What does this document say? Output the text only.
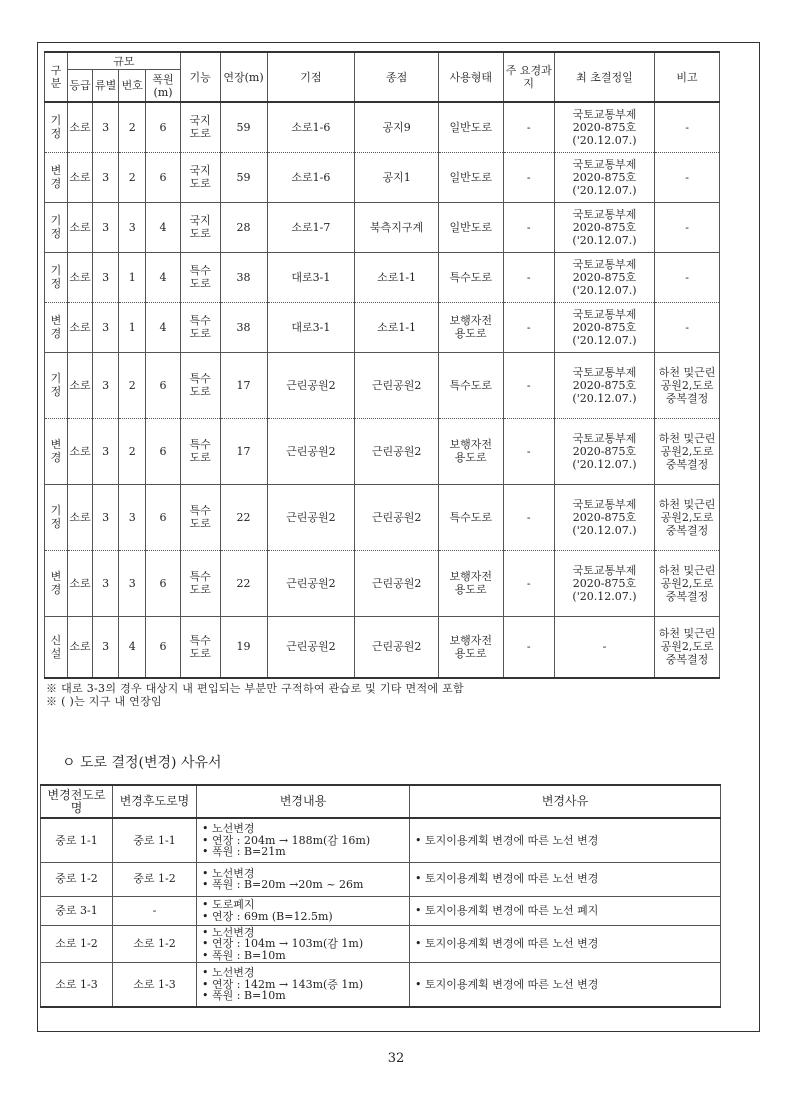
구분	규모				기능	연장(m)	기점	종점	사용형태	주 요경과지	최 초결정일	비고
	등급	류별	번호	폭원(m)								
기정	소로	3	2	6	국지도로	59	소로1-6	공지9	일반도로	-	국토교통부제2020-875호('20.12.07.)	-
변경	소로	3	2	6	국지도로	59	소로1-6	공지1	일반도로	-	국토교통부제2020-875호('20.12.07.)	-
기정	소로	3	3	4	국지도로	28	소로1-7	북측지구계	일반도로	-	국토교통부제2020-875호('20.12.07.)	-
기정	소로	3	1	4	특수도로	38	대로3-1	소로1-1	특수도로	-	국토교통부제2020-875호('20.12.07.)	-
변경	소로	3	1	4	특수도로	38	대로3-1	소로1-1	보행자전용도로	-	국토교통부제2020-875호('20.12.07.)	-
기정	소로	3	2	6	특수도로	17	근린공원2	근린공원2	특수도로	-	국토교통부제2020-875호('20.12.07.)	하천 및근린공원2,도로중복결정
변경	소로	3	2	6	특수도로	17	근린공원2	근린공원2	보행자전용도로	-	국토교통부제2020-875호('20.12.07.)	하천 및근린공원2,도로중복결정
기정	소로	3	3	6	특수도로	22	근린공원2	근린공원2	특수도로	-	국토교통부제2020-875호('20.12.07.)	하천 및근린공원2,도로중복결정
변경	소로	3	3	6	특수도로	22	근린공원2	근린공원2	보행자전용도로	-	국토교통부제2020-875호('20.12.07.)	하천 및근린공원2,도로중복결정
신설	소로	3	4	6	특수도로	19	근린공원2	근린공원2	보행자전용도로	-	-	하천 및근린공원2,도로중복결정
※ 대로 3-3의 경우 대상지 내 편입되는 부분만 구적하여 관습로 및 기타 면적에 포함
※ ( )는 지구 내 연장임
ㅇ 도로 결정(변경) 사유서
변경전도로명	변경후도로명	변경내용	변경사유
중로 1-1	중로 1-1	• 노선변경
• 연장 : 204m → 188m(감 16m)
• 폭원 : B=21m	• 토지이용계획 변경에 따른 노선 변경
중로 1-2	중로 1-2	• 노선변경
• 폭원 : B=20m →20m ~ 26m	• 토지이용계획 변경에 따른 노선 변경
중로 3-1	-	• 도로폐지
• 연장 : 69m (B=12.5m)	• 토지이용계획 변경에 따른 노선 폐지
소로 1-2	소로 1-2	• 노선변경
• 연장 : 104m → 103m(감 1m)
• 폭원 : B=10m	• 토지이용계획 변경에 따른 노선 변경
소로 1-3	소로 1-3	• 노선변경
• 연장 : 142m → 143m(증 1m)
• 폭원 : B=10m	• 토지이용계획 변경에 따른 노선 변경
32
